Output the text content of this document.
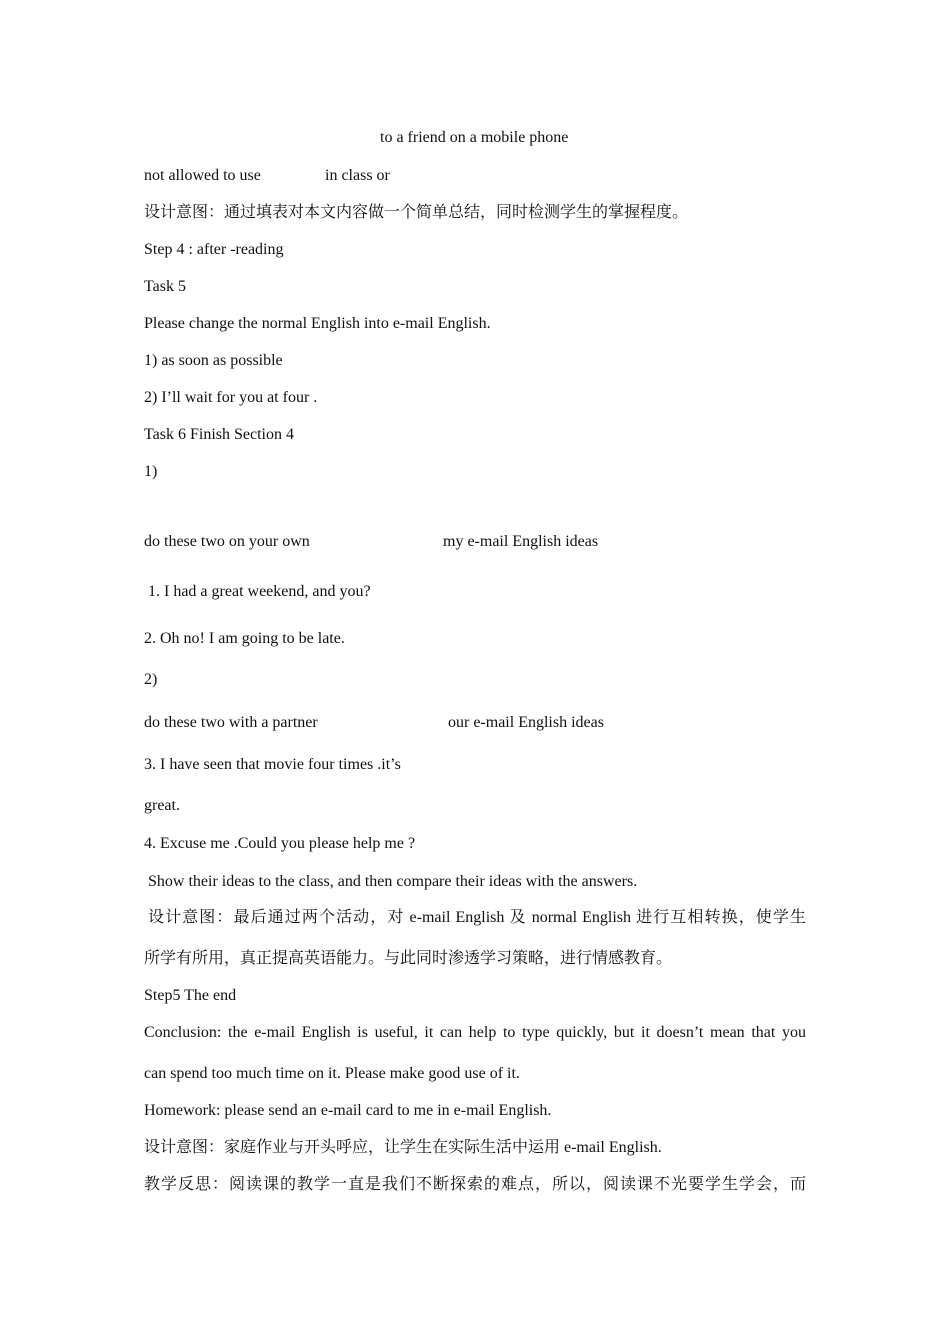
to a friend on a mobile phone
not allowed to use	in class or
设计意图：通过填表对本文内容做一个简单总结，同时检测学生的掌握程度。
Step 4 : after -reading
Task 5
Please change the normal English into e-mail English.
1) as soon as possible
2) I’ll wait for you at four .
Task 6 Finish Section 4
1)
do these two on your own	my e-mail English ideas
1. I had a great weekend, and you?
2. Oh no! I am going to be late.
2)
do these two with a partner	our e-mail English ideas
3. I have seen that movie four times .it’s
great.
4. Excuse me .Could you please help me ?
Show their ideas to the class, and then compare their ideas with the answers.
设计意图：最后通过两个活动，对 e-mail English 及 normal English 进行互相转换，使学生
所学有所用，真正提高英语能力。与此同时渗透学习策略，进行情感教育。
Step5 The end
Conclusion: the e-mail English is useful, it can help to type quickly, but it doesn’t mean that you
can spend too much time on it. Please make good use of it.
Homework: please send an e-mail card to me in e-mail English.
设计意图：家庭作业与开头呼应，让学生在实际生活中运用 e-mail English.
教学反思：阅读课的教学一直是我们不断探索的难点，所以，阅读课不光要学生学会，而
